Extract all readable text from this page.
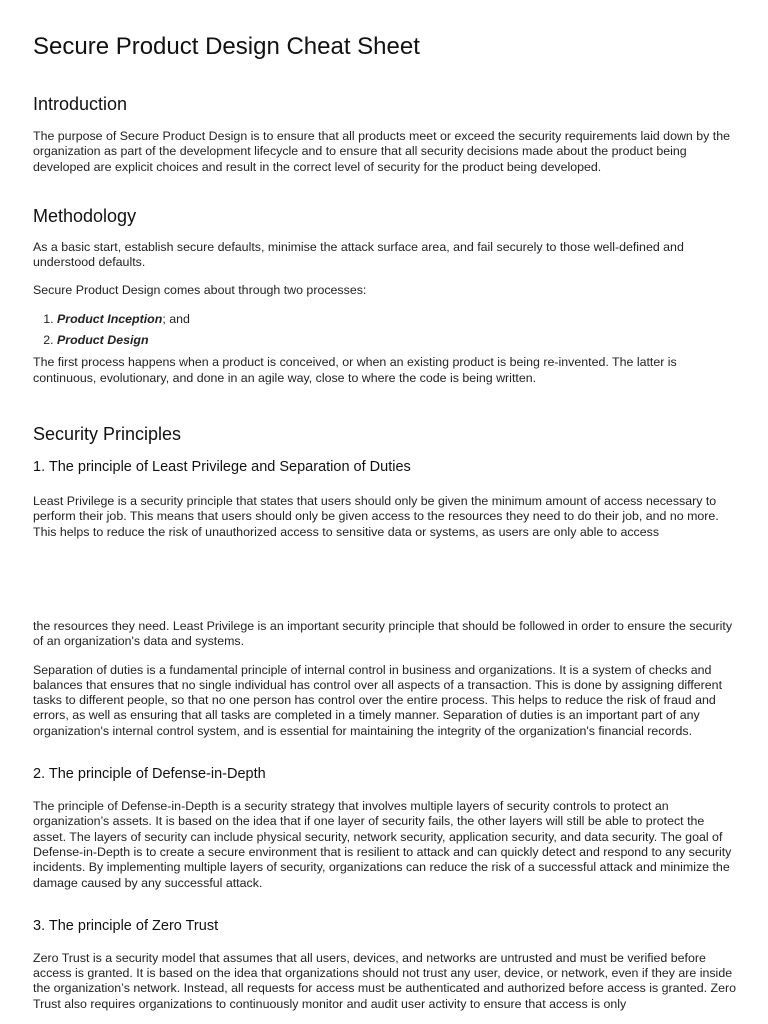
Secure Product Design Cheat Sheet
Introduction

The purpose of Secure Product Design is to ensure that all products meet or exceed the security requirements laid down by the organization as part of the development lifecycle and to ensure that all security decisions made about the product being developed are explicit choices and result in the correct level of security for the product being developed.

Methodology

As a basic start, establish secure defaults, minimise the attack surface area, and fail securely to those well-defined and understood defaults.

Secure Product Design comes about through two processes:

1. Product Inception; and
2. Product Design

The first process happens when a product is conceived, or when an existing product is being re-invented. The latter is continuous, evolutionary, and done in an agile way, close to where the code is being written.

Security Principles
1. The principle of Least Privilege and Separation of Duties

Least Privilege is a security principle that states that users should only be given the minimum amount of access necessary to perform their job. This means that users should only be given access to the resources they need to do their job, and no more. This helps to reduce the risk of unauthorized access to sensitive data or systems, as users are only able to access

the resources they need. Least Privilege is an important security principle that should be followed in order to ensure the security of an organization's data and systems.

Separation of duties is a fundamental principle of internal control in business and organizations. It is a system of checks and balances that ensures that no single individual has control over all aspects of a transaction. This is done by assigning different tasks to different people, so that no one person has control over the entire process. This helps to reduce the risk of fraud and errors, as well as ensuring that all tasks are completed in a timely manner. Separation of duties is an important part of any organization's internal control system, and is essential for maintaining the integrity of the organization's financial records.

2. The principle of Defense-in-Depth

The principle of Defense-in-Depth is a security strategy that involves multiple layers of security controls to protect an organization’s assets. It is based on the idea that if one layer of security fails, the other layers will still be able to protect the asset. The layers of security can include physical security, network security, application security, and data security. The goal of Defense-in-Depth is to create a secure environment that is resilient to attack and can quickly detect and respond to any security incidents. By implementing multiple layers of security, organizations can reduce the risk of a successful attack and minimize the damage caused by any successful attack.

3. The principle of Zero Trust

Zero Trust is a security model that assumes that all users, devices, and networks are untrusted and must be verified before access is granted. It is based on the idea that organizations should not trust any user, device, or network, even if they are inside the organization’s network. Instead, all requests for access must be authenticated and authorized before access is granted. Zero Trust also requires organizations to continuously monitor and audit user activity to ensure that access is only
